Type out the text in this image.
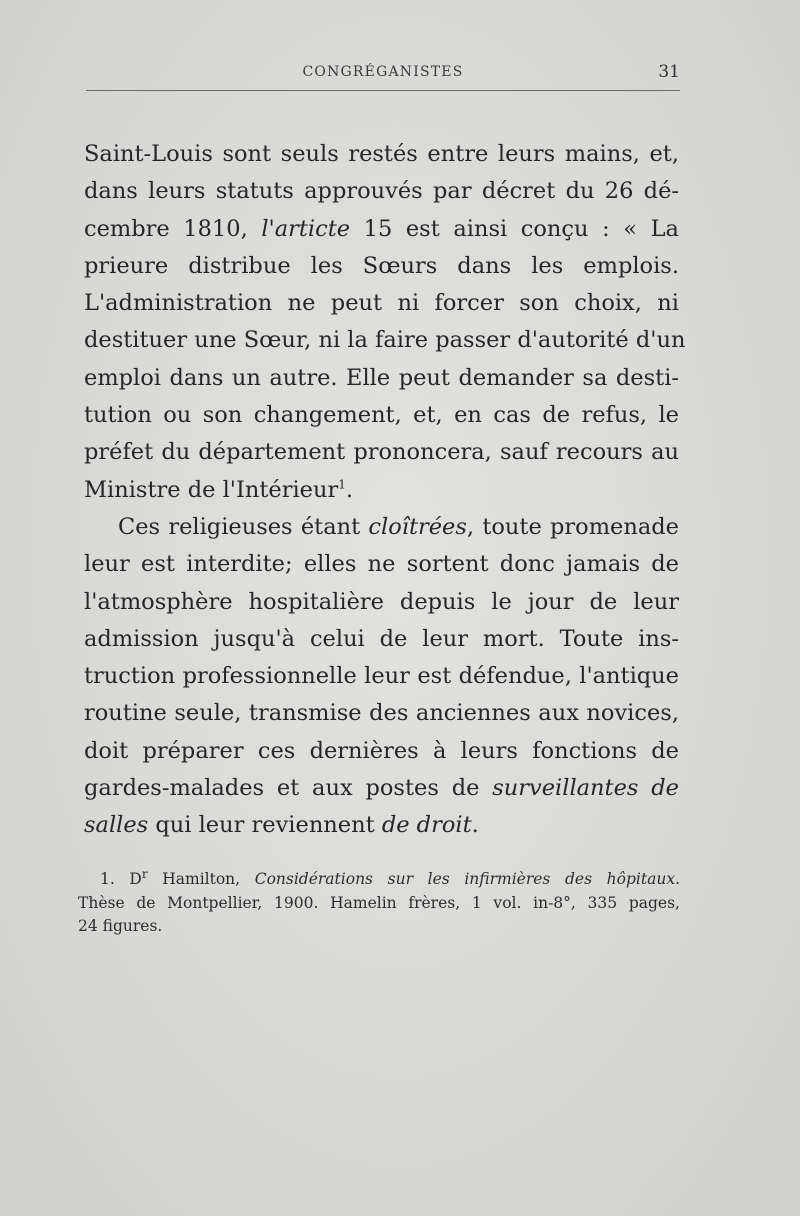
CONGRÉGANISTES	31
Saint-Louis sont seuls restés entre leurs mains, et,
dans leurs statuts approuvés par décret du 26 dé-
cembre 1810, l'articte 15 est ainsi conçu : « La
prieure distribue les Sœurs dans les emplois.
L'administration ne peut ni forcer son choix, ni
destituer une Sœur, ni la faire passer d'autorité d'un
emploi dans un autre. Elle peut demander sa desti-
tution ou son changement, et, en cas de refus, le
préfet du département prononcera, sauf recours au
Ministre de l'Intérieur$^1$.
Ces religieuses étant cloîtrées, toute promenade
leur est interdite; elles ne sortent donc jamais de
l'atmosphère hospitalière depuis le jour de leur
admission jusqu'à celui de leur mort. Toute ins-
truction professionnelle leur est défendue, l'antique
routine seule, transmise des anciennes aux novices,
doit préparer ces dernières à leurs fonctions de
gardes-malades et aux postes de surveillantes de
salles qui leur reviennent de droit.
1. $D^r$ Hamilton, Considérations sur les infirmières des hôpitaux.
Thèse de Montpellier, 1900. Hamelin frères, 1 vol. in-8°, 335 pages,
24 figures.
